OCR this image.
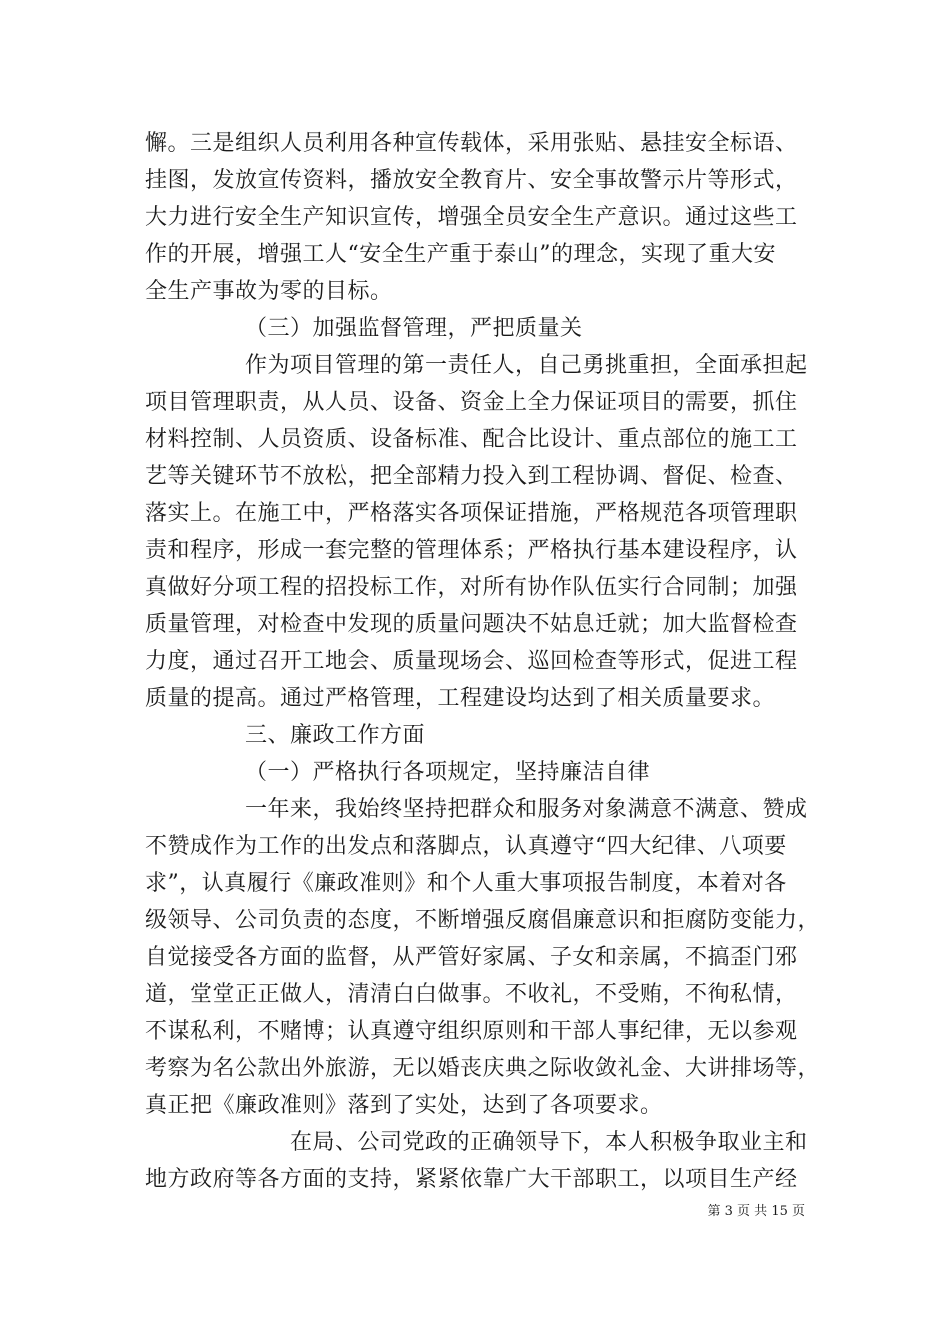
懈。三是组织人员利用各种宣传载体，采用张贴、悬挂安全标语、
挂图，发放宣传资料，播放安全教育片、安全事故警示片等形式，
大力进行安全生产知识宣传，增强全员安全生产意识。通过这些工
作的开展，增强工人“安全生产重于泰山”的理念，实现了重大安
全生产事故为零的目标。
（三）加强监督管理，严把质量关
作为项目管理的第一责任人，自己勇挑重担，全面承担起
项目管理职责，从人员、设备、资金上全力保证项目的需要，抓住
材料控制、人员资质、设备标准、配合比设计、重点部位的施工工
艺等关键环节不放松，把全部精力投入到工程协调、督促、检查、
落实上。在施工中，严格落实各项保证措施，严格规范各项管理职
责和程序，形成一套完整的管理体系；严格执行基本建设程序，认
真做好分项工程的招投标工作，对所有协作队伍实行合同制；加强
质量管理，对检查中发现的质量问题决不姑息迁就；加大监督检查
力度，通过召开工地会、质量现场会、巡回检查等形式，促进工程
质量的提高。通过严格管理，工程建设均达到了相关质量要求。
三、廉政工作方面
（一）严格执行各项规定，坚持廉洁自律
一年来，我始终坚持把群众和服务对象满意不满意、赞成
不赞成作为工作的出发点和落脚点，认真遵守“四大纪律、八项要
求”，认真履行《廉政准则》和个人重大事项报告制度，本着对各
级领导、公司负责的态度，不断增强反腐倡廉意识和拒腐防变能力，
自觉接受各方面的监督，从严管好家属、子女和亲属，不搞歪门邪
道，堂堂正正做人，清清白白做事。不收礼，不受贿，不徇私情，
不谋私利，不赌博；认真遵守组织原则和干部人事纪律，无以参观
考察为名公款出外旅游，无以婚丧庆典之际收敛礼金、大讲排场等，
真正把《廉政准则》落到了实处，达到了各项要求。
在局、公司党政的正确领导下，本人积极争取业主和
地方政府等各方面的支持，紧紧依靠广大干部职工，以项目生产经
第 3 页 共 15 页
